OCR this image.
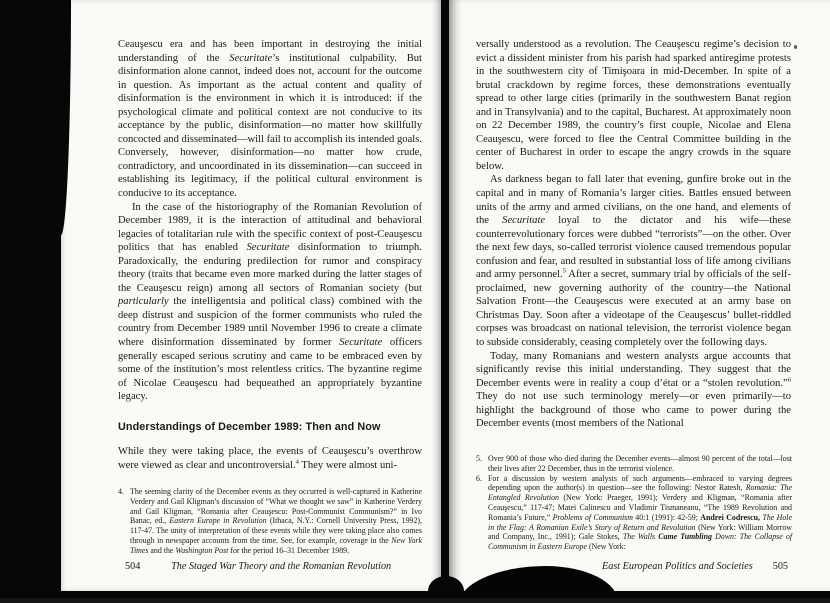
Ceauşescu era and has been important in destroying the initial understanding of the Securitate’s institutional culpability. But disinformation alone cannot, indeed does not, account for the outcome in question. As important as the actual content and quality of disinformation is the environment in which it is introduced: if the psychological climate and political context are not conducive to its acceptance by the public, disinformation—no matter how skillfully concocted and disseminated—will fail to accomplish its intended goals. Conversely, however, disinformation—no matter how crude, contradictory, and uncoordinated in its dissemination—can succeed in establishing its legitimacy, if the political cultural environment is conducive to its acceptance.

In the case of the historiography of the Romanian Revolution of December 1989, it is the interaction of attitudinal and behavioral legacies of totalitarian rule with the specific context of post-Ceauşescu politics that has enabled Securitate disinformation to triumph. Paradoxically, the enduring predilection for rumor and conspiracy theory (traits that became even more marked during the latter stages of the Ceauşescu reign) among all sectors of Romanian society (but particularly the intelligentsia and political class) combined with the deep distrust and suspicion of the former communists who ruled the country from December 1989 until November 1996 to create a climate where disinformation disseminated by former Securitate officers generally escaped serious scrutiny and came to be embraced even by some of the institution’s most relentless critics. The byzantine regime of Nicolae Ceauşescu had bequeathed an appropriately byzantine legacy.

Understandings of December 1989: Then and Now

While they were taking place, the events of Ceauşescu’s overthrow were viewed as clear and uncontroversial.$^4$ They were almost uni-

4. The seeming clarity of the December events as they occurred is well-captured in Katherine Verdery and Gail Kligman’s discussion of “What we thought we saw” in Katherine Verdery and Gail Kligman, “Romania after Ceauşescu: Post-Communist Communism?” in Ivo Banac, ed., Eastern Europe in Revolution (Ithaca, N.Y.: Cornell University Press, 1992), 117-47. The unity of interpretation of these events while they were taking place also comes through in newspaper accounts from the time. See, for example, coverage in the New York Times and the Washington Post for the period 16–31 December 1989.
504	The Staged War Theory and the Romanian Revolution

versally understood as a revolution. The Ceauşescu regime’s decision to evict a dissident minister from his parish had sparked antiregime protests in the southwestern city of Timişoara in mid-December. In spite of a brutal crackdown by regime forces, these demonstrations eventually spread to other large cities (primarily in the southwestern Banat region and in Transylvania) and to the capital, Bucharest. At approximately noon on 22 December 1989, the country’s first couple, Nicolae and Elena Ceauşescu, were forced to flee the Central Committee building in the center of Bucharest in order to escape the angry crowds in the square below.

As darkness began to fall later that evening, gunfire broke out in the capital and in many of Romania’s larger cities. Battles ensued between units of the army and armed civilians, on the one hand, and elements of the Securitate loyal to the dictator and his wife—these counterrevolutionary forces were dubbed “terrorists”—on the other. Over the next few days, so-called terrorist violence caused tremendous popular confusion and fear, and resulted in substantial loss of life among civilians and army personnel.$^5$ After a secret, summary trial by officials of the self-proclaimed, new governing authority of the country—the National Salvation Front—the Ceauşescus were executed at an army base on Christmas Day. Soon after a videotape of the Ceauşescus’ bullet-riddled corpses was broadcast on national television, the terrorist violence began to subside considerably, ceasing completely over the following days.

Today, many Romanians and western analysts argue accounts that significantly revise this initial understanding. They suggest that the December events were in reality a coup d’état or a “stolen revolution.”$^6$ They do not use such terminology merely—or even primarily—to highlight the background of those who came to power during the December events (most members of the National

5. Over 900 of those who died during the December events—almost 90 percent of the total—lost their lives after 22 December, thus in the terrorist violence.
6. For a discussion by western analysts of such arguments—embraced to varying degrees depending upon the author(s) in question—see the following: Nestor Ratesh, Romania: The Entangled Revolution (New York: Praeger, 1991); Verdery and Kligman, “Romania after Ceauşescu,” 117-47; Matei Calinescu and Vladimir Tismaneanu, “The 1989 Revolution and Romania’s Future,” Problems of Communism 40:1 (1991): 42-59; Andrei Codrescu, The Hole in the Flag: A Romanian Exile’s Story of Return and Revolution (New York: William Morrow and Company, Inc., 1991); Gale Stokes, The Walls Came Tumbling Down: The Collapse of Communism in Eastern Europe (New York:
East European Politics and Societies 505
